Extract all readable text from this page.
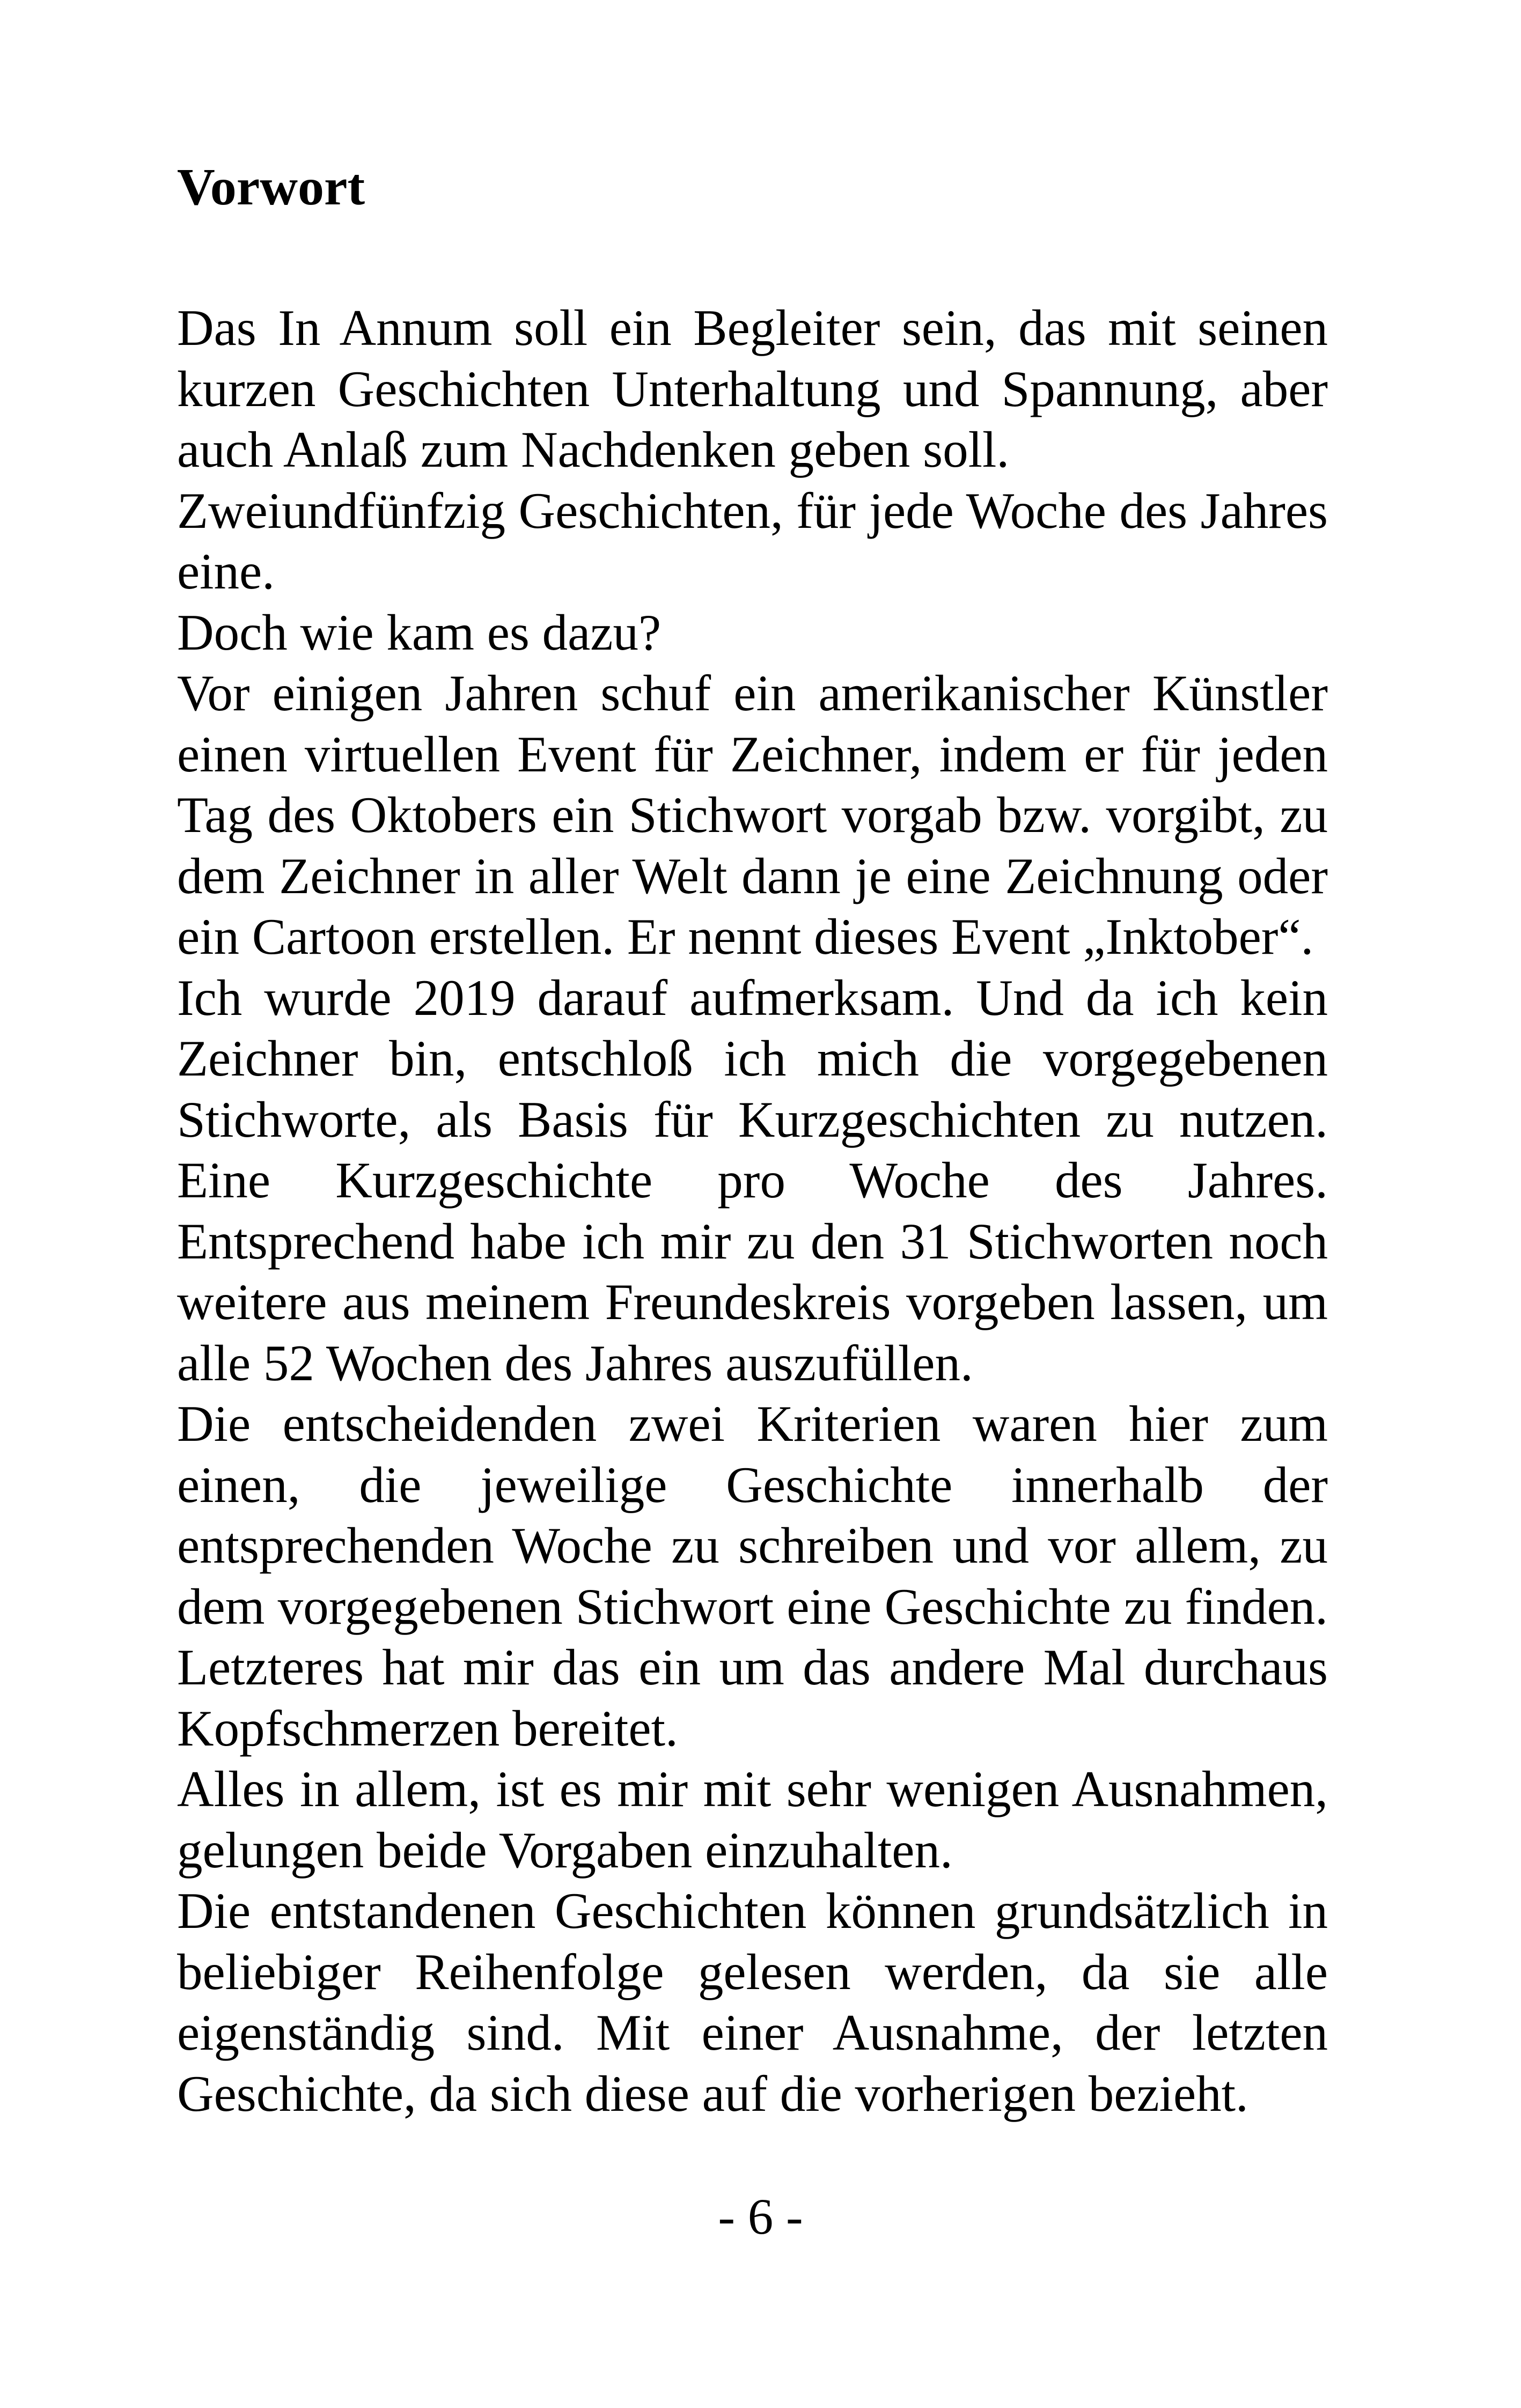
Vorwort

Das In Annum soll ein Begleiter sein, das mit seinen kurzen Geschichten Unterhaltung und Spannung, aber auch Anlaß zum Nachdenken geben soll.

Zweiundfünfzig Geschichten, für jede Woche des Jahres eine.

Doch wie kam es dazu?

Vor einigen Jahren schuf ein amerikanischer Künstler einen virtuellen Event für Zeichner, indem er für jeden Tag des Oktobers ein Stichwort vorgab bzw. vorgibt, zu dem Zeichner in aller Welt dann je eine Zeichnung oder ein Cartoon erstellen. Er nennt dieses Event „Inktober“.

Ich wurde 2019 darauf aufmerksam. Und da ich kein Zeichner bin, entschloß ich mich die vorgegebenen Stichworte, als Basis für Kurzgeschichten zu nutzen. Eine Kurzgeschichte pro Woche des Jahres. Entsprechend habe ich mir zu den 31 Stichworten noch weitere aus meinem Freundeskreis vorgeben lassen, um alle 52 Wochen des Jahres auszufüllen.

Die entscheidenden zwei Kriterien waren hier zum einen, die jeweilige Geschichte innerhalb der entsprechenden Woche zu schreiben und vor allem, zu dem vorgegebenen Stichwort eine Geschichte zu finden. Letzteres hat mir das ein um das andere Mal durchaus Kopfschmerzen bereitet.

Alles in allem, ist es mir mit sehr wenigen Ausnahmen, gelungen beide Vorgaben einzuhalten.

Die entstandenen Geschichten können grundsätzlich in beliebiger Reihenfolge gelesen werden, da sie alle eigenständig sind. Mit einer Ausnahme, der letzten Geschichte, da sich diese auf die vorherigen bezieht.

- 6 -
